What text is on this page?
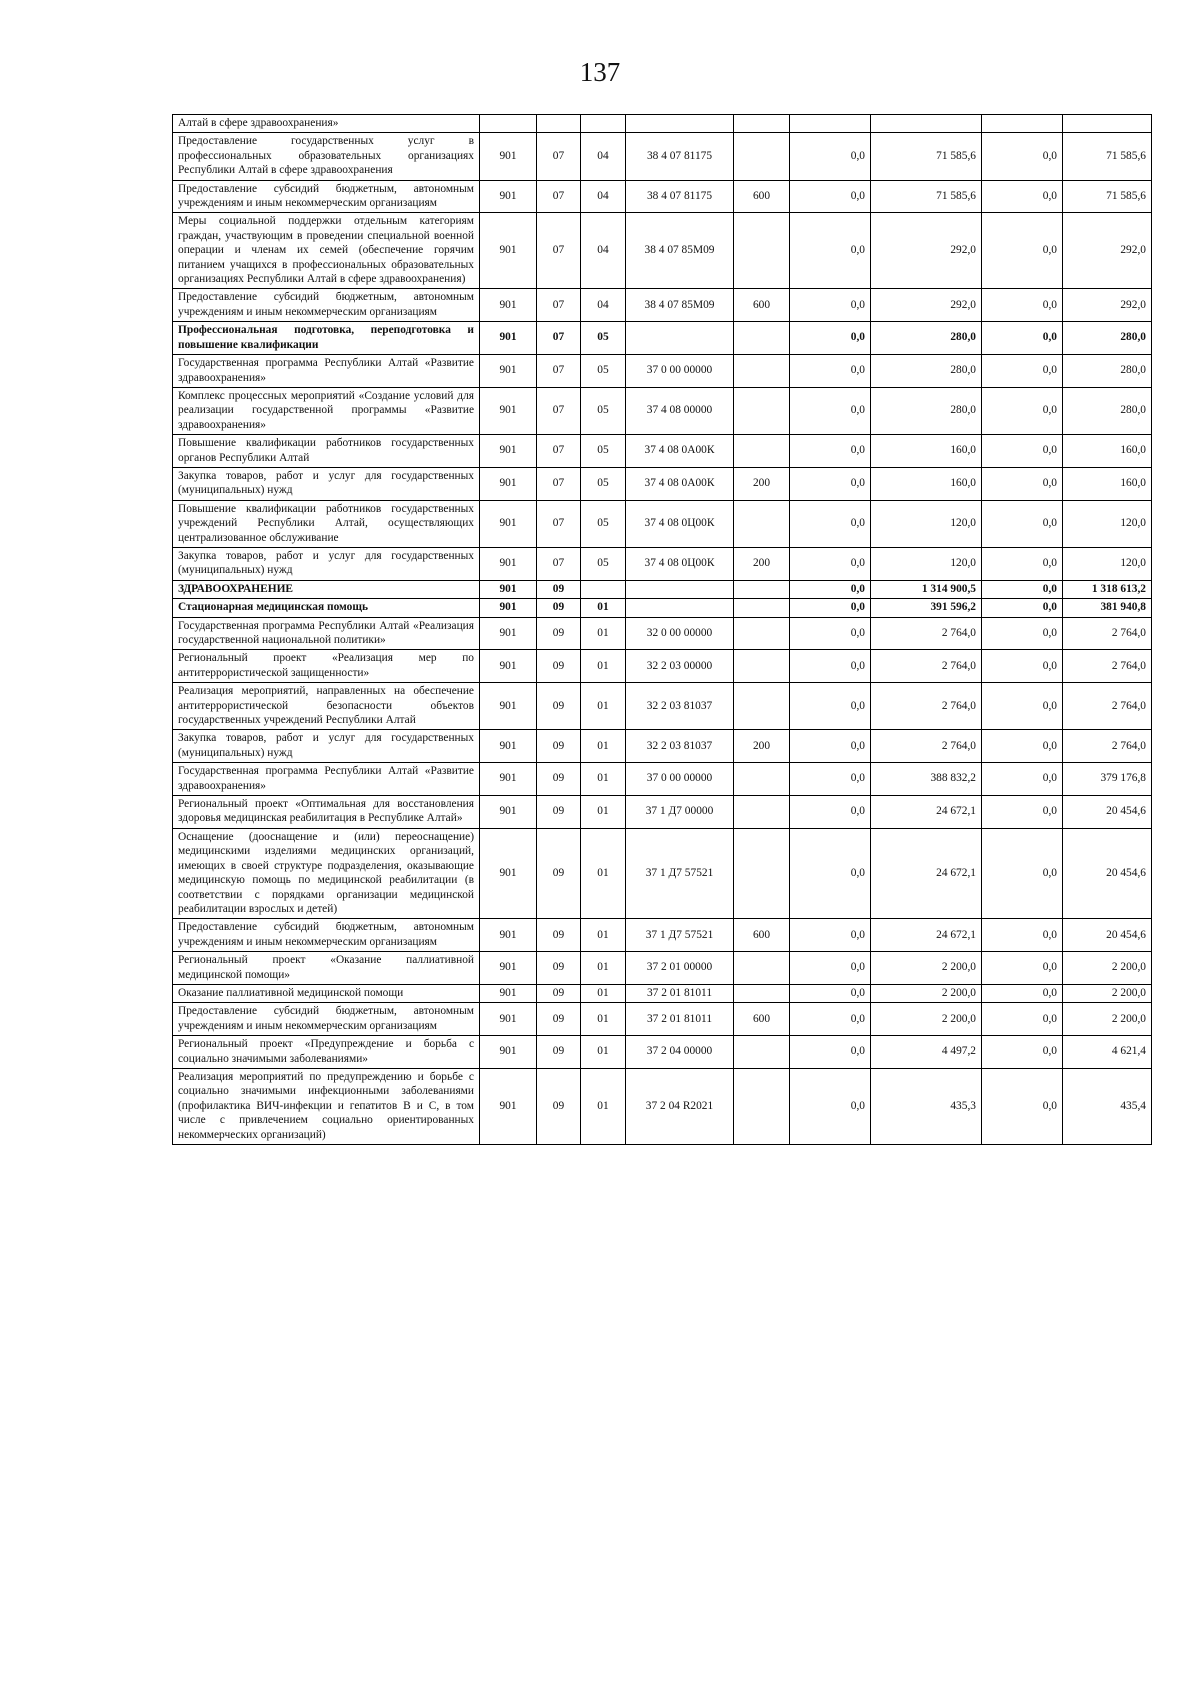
137
Алтай в сфере здравоохранения»									
Предоставление государственных услуг в профессиональных образовательных организациях Республики Алтай в сфере здравоохранения	901	07	04	38 4 07 81175		0,0	71 585,6	0,0	71 585,6
Предоставление субсидий бюджетным, автономным учреждениям и иным некоммерческим организациям	901	07	04	38 4 07 81175	600	0,0	71 585,6	0,0	71 585,6
Меры социальной поддержки отдельным категориям граждан, участвующим в проведении специальной военной операции и членам их семей (обеспечение горячим питанием учащихся в профессиональных образовательных организациях Республики Алтай в сфере здравоохранения)	901	07	04	38 4 07 85М09		0,0	292,0	0,0	292,0
Предоставление субсидий бюджетным, автономным учреждениям и иным некоммерческим организациям	901	07	04	38 4 07 85М09	600	0,0	292,0	0,0	292,0
Профессиональная подготовка, переподготовка и повышение квалификации	901	07	05			0,0	280,0	0,0	280,0
Государственная программа Республики Алтай «Развитие здравоохранения»	901	07	05	37 0 00 00000		0,0	280,0	0,0	280,0
Комплекс процессных мероприятий «Создание условий для реализации государственной программы «Развитие здравоохранения»	901	07	05	37 4 08 00000		0,0	280,0	0,0	280,0
Повышение квалификации работников государственных органов Республики Алтай	901	07	05	37 4 08 0А00К		0,0	160,0	0,0	160,0
Закупка товаров, работ и услуг для государственных (муниципальных) нужд	901	07	05	37 4 08 0А00К	200	0,0	160,0	0,0	160,0
Повышение квалификации работников государственных учреждений Республики Алтай, осуществляющих централизованное обслуживание	901	07	05	37 4 08 0Ц00К		0,0	120,0	0,0	120,0
Закупка товаров, работ и услуг для государственных (муниципальных) нужд	901	07	05	37 4 08 0Ц00К	200	0,0	120,0	0,0	120,0
ЗДРАВООХРАНЕНИЕ	901	09				0,0	1 314 900,5	0,0	1 318 613,2
Стационарная медицинская помощь	901	09	01			0,0	391 596,2	0,0	381 940,8
Государственная программа Республики Алтай «Реализация государственной национальной политики»	901	09	01	32 0 00 00000		0,0	2 764,0	0,0	2 764,0
Региональный проект «Реализация мер по антитеррористической защищенности»	901	09	01	32 2 03 00000		0,0	2 764,0	0,0	2 764,0
Реализация мероприятий, направленных на обеспечение антитеррористической безопасности объектов государственных учреждений Республики Алтай	901	09	01	32 2 03 81037		0,0	2 764,0	0,0	2 764,0
Закупка товаров, работ и услуг для государственных (муниципальных) нужд	901	09	01	32 2 03 81037	200	0,0	2 764,0	0,0	2 764,0
Государственная программа Республики Алтай «Развитие здравоохранения»	901	09	01	37 0 00 00000		0,0	388 832,2	0,0	379 176,8
Региональный проект «Оптимальная для восстановления здоровья медицинская реабилитация в Республике Алтай»	901	09	01	37 1 Д7 00000		0,0	24 672,1	0,0	20 454,6
Оснащение (дооснащение и (или) переоснащение) медицинскими изделиями медицинских организаций, имеющих в своей структуре подразделения, оказывающие медицинскую помощь по медицинской реабилитации (в соответствии с порядками организации медицинской реабилитации взрослых и детей)	901	09	01	37 1 Д7 57521		0,0	24 672,1	0,0	20 454,6
Предоставление субсидий бюджетным, автономным учреждениям и иным некоммерческим организациям	901	09	01	37 1 Д7 57521	600	0,0	24 672,1	0,0	20 454,6
Региональный проект «Оказание паллиативной медицинской помощи»	901	09	01	37 2 01 00000		0,0	2 200,0	0,0	2 200,0
Оказание паллиативной медицинской помощи	901	09	01	37 2 01 81011		0,0	2 200,0	0,0	2 200,0
Предоставление субсидий бюджетным, автономным учреждениям и иным некоммерческим организациям	901	09	01	37 2 01 81011	600	0,0	2 200,0	0,0	2 200,0
Региональный проект «Предупреждение и борьба с социально значимыми заболеваниями»	901	09	01	37 2 04 00000		0,0	4 497,2	0,0	4 621,4
Реализация мероприятий по предупреждению и борьбе с социально значимыми инфекционными заболеваниями (профилактика ВИЧ-инфекции и гепатитов В и С, в том числе с привлечением социально ориентированных некоммерческих организаций)	901	09	01	37 2 04 R2021		0,0	435,3	0,0	435,4
